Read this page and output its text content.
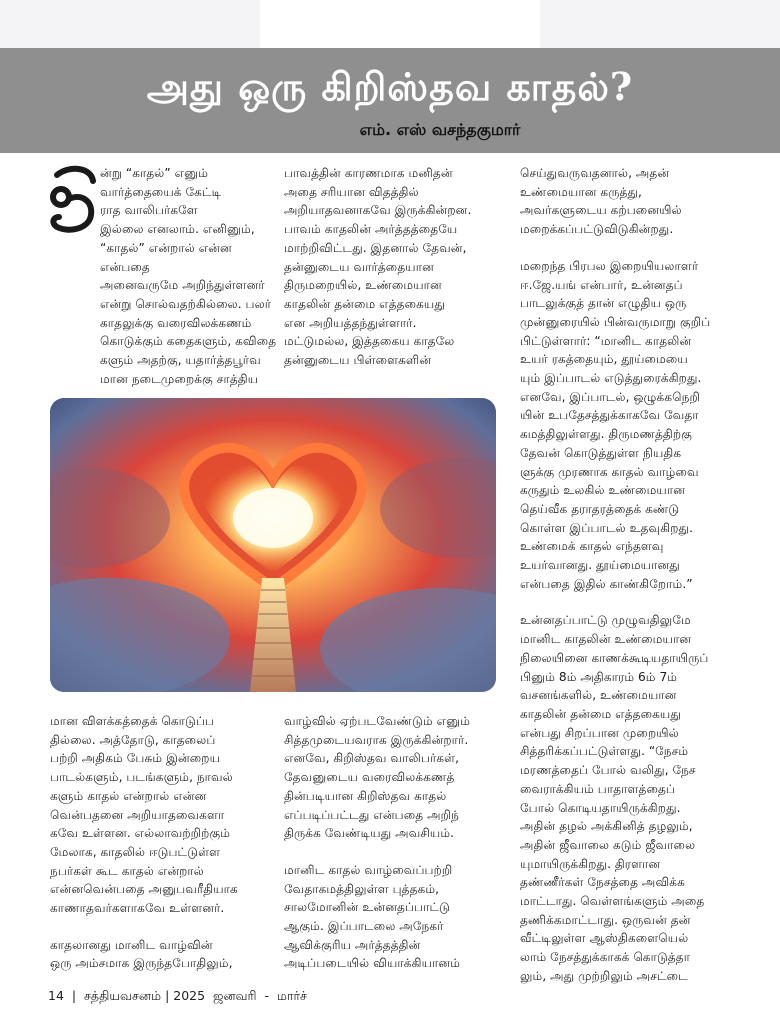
அது ஒரு கிறிஸ்தவ காதல்?
எம். எஸ் வசந்தகுமார்

ன்று “காதல்” எனும்
வார்த்தையைக் கேட்டி
ராத வாலிபர்களே
இல்லை எனலாம். எனினும்,
“காதல்” என்றால் என்ன என்பதை
அனைவருமே அறிந்துள்ளனர்
என்று சொல்வதற்கில்லை. பலர்
காதலுக்கு வரைவிலக்கணம்
கொடுக்கும் கதைகளும், கவிதை
களும் அதற்கு, யதார்த்தபூர்வ
மான நடைமுறைக்கு சாத்திய

பாவத்தின் காரணமாக மனிதன்
அதை சரியான விதத்தில்
அறியாதவனாகவே இருக்கின்றன.
பாவம் காதலின் அர்த்தத்தையே
மாற்றிவிட்டது. இதனால் தேவன்,
தன்னுடைய வார்த்தையான
திருமறையில், உண்மையான
காதலின் தன்மை எத்தகையது
என அறியத்தந்துள்ளார்.
மட்டுமல்ல, இத்தகைய காதலே
தன்னுடைய பிள்ளைகளின்

செய்துவருவதனால், அதன்
உண்மையான கருத்து,
அவர்களுடைய கற்பனையில்
மறைக்கப்பட்டுவிடுகின்றது.

மறைந்த பிரபல இறையியலாளர்
ஈ.ஜே.யங் என்பார், உன்னதப்
பாடலுக்குத் தான் எழுதிய ஒரு
முன்னுரையில் பின்வருமாறு குறிப்
பிட்டுள்ளார்: “மானிட காதலின்
உயர் ரகத்தையும், தூய்மையை
யும் இப்பாடல் எடுத்துரைக்கிறது.
எனவே, இப்பாடல், ஒழுக்கநெறி
யின் உபதேசத்துக்காகவே வேதா
கமத்திலுள்ளது. திருமணத்திற்கு
தேவன் கொடுத்துள்ள நியதிக
ளுக்கு முரணாக காதல் வாழ்வை
கருதும் உலகில் உண்மையான
தெய்வீக தராதரத்தைக் கண்டு
கொள்ள இப்பாடல் உதவுகிறது.
உண்மைக் காதல் எந்தளவு
உயர்வானது. தூய்மையானது
என்பதை இதில் காண்கிறோம்.”

உன்னதப்பாட்டு முழுவதிலுமே
மானிட காதலின் உண்மையான
நிலையினை காணக்கூடியதாயிருப்
பினும் 8ம் அதிகாரம் 6ம் 7ம்
வசனங்களில், உண்மையான
காதலின் தன்மை எத்தகையது
என்பது சிறப்பான முறையில்
சித்தரிக்கப்பட்டுள்ளது. “நேசம்
மரணத்தைப் போல் வலிது, நேச
வைராக்கியம் பாதாளத்தைப்
போல் கொடியதாயிருக்கிறது.
அதின் தழல் அக்கினித் தழலும்,
அதின் ஜீவாலை கடும் ஜீவாலை
யுமாயிருக்கிறது. திரளான
தண்ணீர்கள் நேசத்தை அவிக்க
மாட்டாது. வெள்ளங்களும் அதை
தணிக்கமாட்டாது. ஒருவன் தன்
வீட்டிலுள்ள ஆஸ்திகளையெல்
லாம் நேசத்துக்காகக் கொடுத்தா
லும், அது முற்றிலும் அசட்டை

மான விளக்கத்தைக் கொடுப்ப
தில்லை. அத்தோடு, காதலைப்
பற்றி அதிகம் பேசும் இன்றைய
பாடல்களும், படங்களும், நாவல்
களும் காதல் என்றால் என்ன
வென்பதனை அறியாதவைகளா
கவே உள்ளன. எல்லாவற்றிற்கும்
மேலாக, காதலில் ஈடுபட்டுள்ள
நபர்கள் கூட காதல் என்றால்
என்னவென்பதை அனுபவரீதியாக
காணாதவர்களாகவே உள்ளனர்.

காதலானது மானிட வாழ்வின்
ஒரு அம்சமாக இருந்தபோதிலும்,

வாழ்வில் ஏற்படவேண்டும் எனும்
சித்தமுடையவராக இருக்கின்றார்.
எனவே, கிறிஸ்தவ வாலிபர்கள்,
தேவனுடைய வரைவிலக்கணத்
தின்படியான கிறிஸ்தவ காதல்
எப்படிப்பட்டது என்பதை அறிந்
திருக்க வேண்டியது அவசியம்.

மானிட காதல் வாழ்வைப்பற்றி
வேதாகமத்திலுள்ள புத்தகம்,
சாலமோனின் உன்னதப்பாட்டு
ஆகும். இப்பாடலை அநேகர்
ஆவிக்குரிய அர்த்தத்தின்
அடிப்படையில் வியாக்கியானம்

14  |  சத்தியவசனம் | 2025  ஜனவரி  -  மார்ச்
